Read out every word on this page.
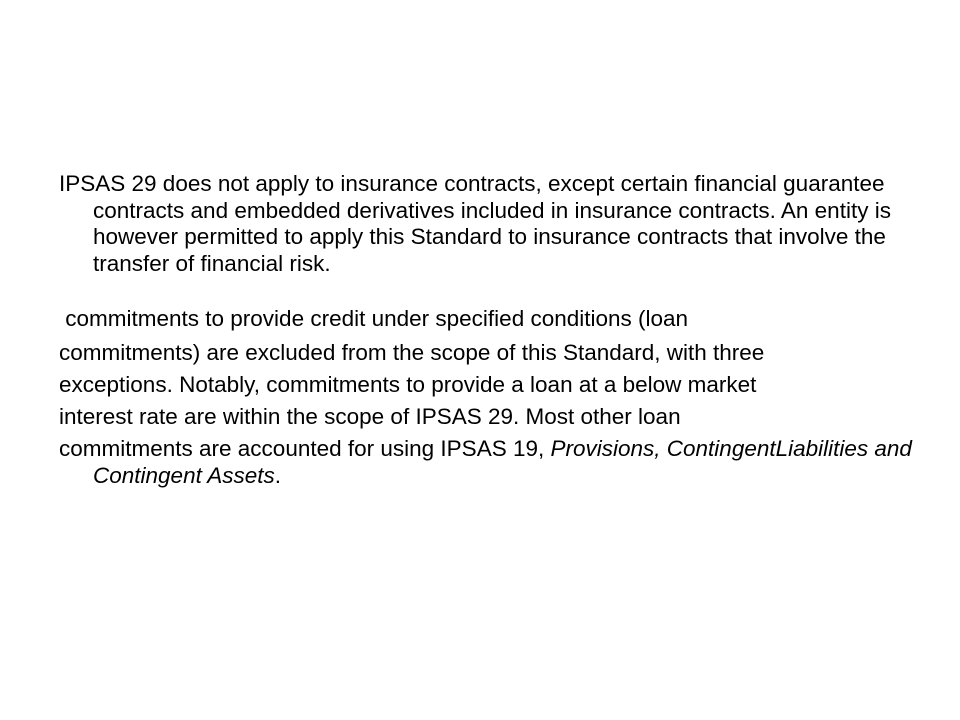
IPSAS 29 does not apply to insurance contracts, except certain financial guarantee contracts and embedded derivatives included in insurance contracts. An entity is however permitted to apply this Standard to insurance contracts that involve the transfer of financial risk.
commitments to provide credit under specified conditions (loan
commitments) are excluded from the scope of this Standard, with three
exceptions. Notably, commitments to provide a loan at a below market
interest rate are within the scope of IPSAS 29. Most other loan
commitments are accounted for using IPSAS 19, Provisions, ContingentLiabilities and Contingent Assets.
